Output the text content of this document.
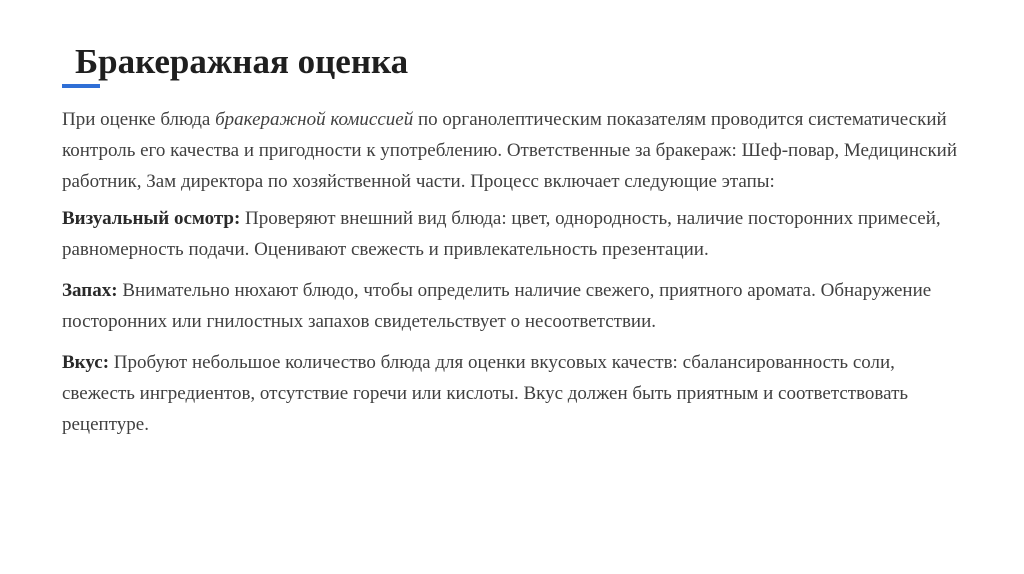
Бракеражная оценка

При оценке блюда бракеражной комиссией по органолептическим показателям проводится систематический контроль его качества и пригодности к употреблению. Ответственные за бракераж: Шеф-повар, Медицинский работник, Зам директора по хозяйственной части. Процесс включает следующие этапы:

Визуальный осмотр: Проверяют внешний вид блюда: цвет, однородность, наличие посторонних примесей, равномерность подачи. Оценивают свежесть и привлекательность презентации.

Запах: Внимательно нюхают блюдо, чтобы определить наличие свежего, приятного аромата. Обнаружение посторонних или гнилостных запахов свидетельствует о несоответствии.

Вкус: Пробуют небольшое количество блюда для оценки вкусовых качеств: сбалансированность соли, свежесть ингредиентов, отсутствие горечи или кислоты. Вкус должен быть приятным и соответствовать рецептуре.
